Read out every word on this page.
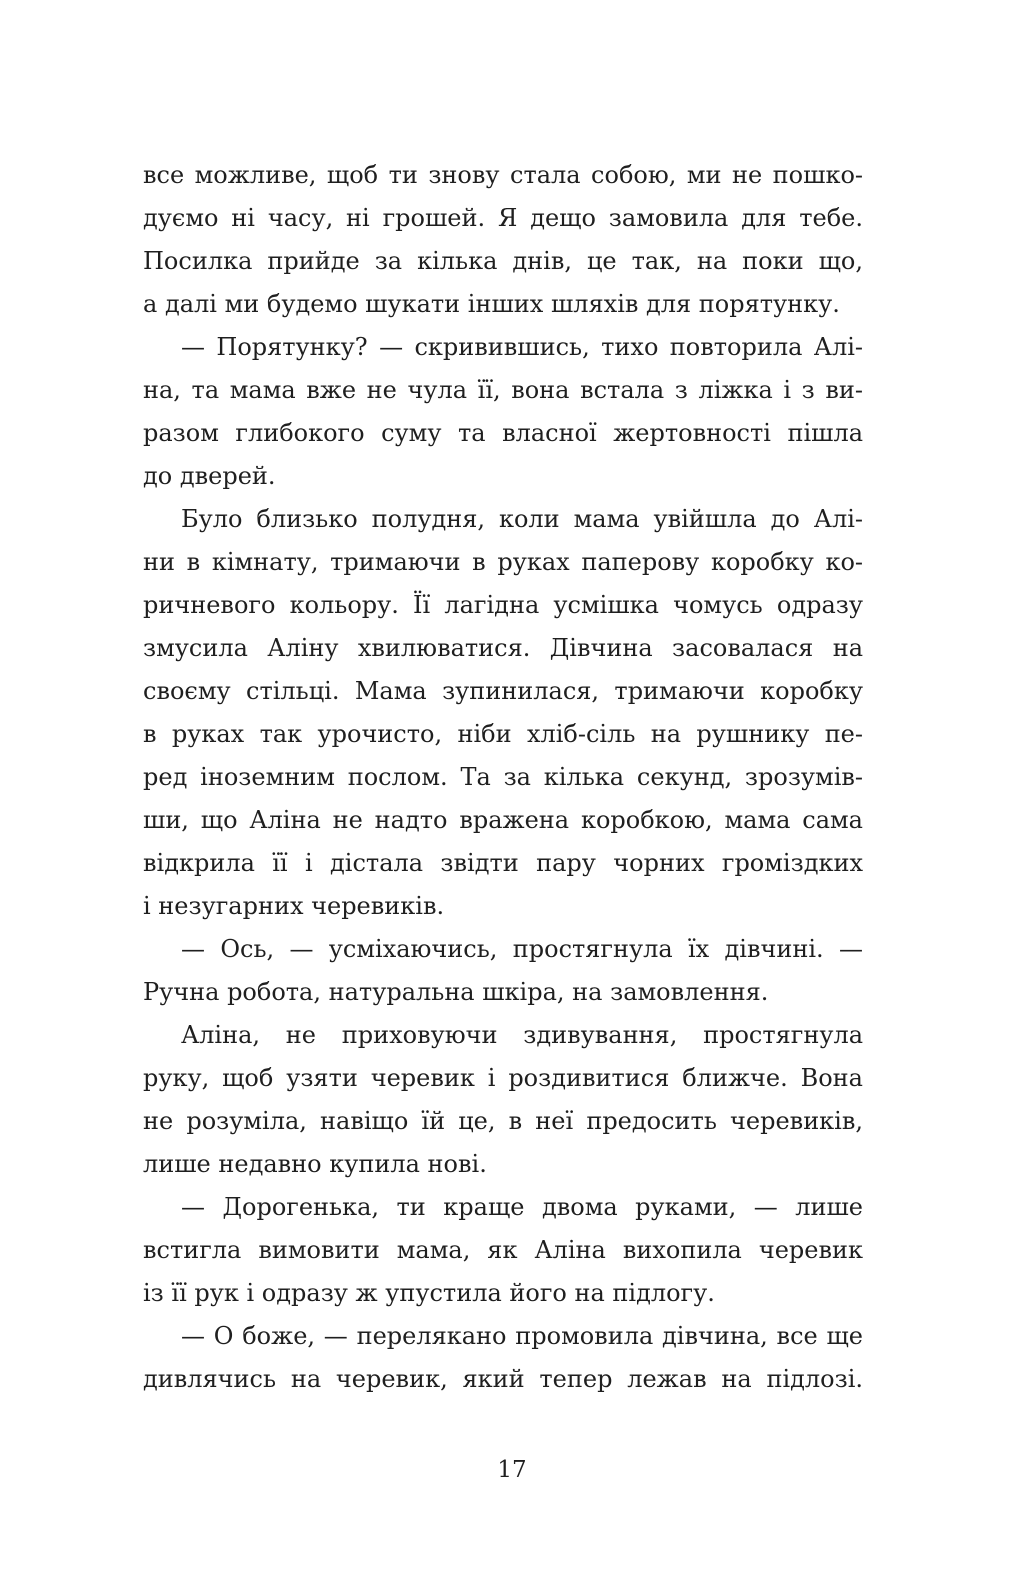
все можливе, щоб ти знову стала собою, ми не пошко-
дуємо ні часу, ні грошей. Я дещо замовила для тебе.
Посилка прийде за кілька днів, це так, на поки що,
а далі ми будемо шукати інших шляхів для порятунку.
— Порятунку? — скривившись, тихо повторила Алі-
на, та мама вже не чула її, вона встала з ліжка і з ви-
разом глибокого суму та власної жертовності пішла
до дверей.
Було близько полудня, коли мама увійшла до Алі-
ни в кімнату, тримаючи в руках паперову коробку ко-
ричневого кольору. Її лагідна усмішка чомусь одразу
змусила Аліну хвилюватися. Дівчина засовалася на
своєму стільці. Мама зупинилася, тримаючи коробку
в руках так урочисто, ніби хліб-сіль на рушнику пе-
ред іноземним послом. Та за кілька секунд, зрозумів-
ши, що Аліна не надто вражена коробкою, мама сама
відкрила її і дістала звідти пару чорних громіздких
і незугарних черевиків.
— Ось, — усміхаючись, простягнула їх дівчині. —
Ручна робота, натуральна шкіра, на замовлення.
Аліна, не приховуючи здивування, простягнула
руку, щоб узяти черевик і роздивитися ближче. Вона
не розуміла, навіщо їй це, в неї предосить черевиків,
лише недавно купила нові.
— Дорогенька, ти краще двома руками, — лише
встигла вимовити мама, як Аліна вихопила черевик
із її рук і одразу ж упустила його на підлогу.
— О боже, — перелякано промовила дівчина, все ще
дивлячись на черевик, який тепер лежав на підлозі.
17
